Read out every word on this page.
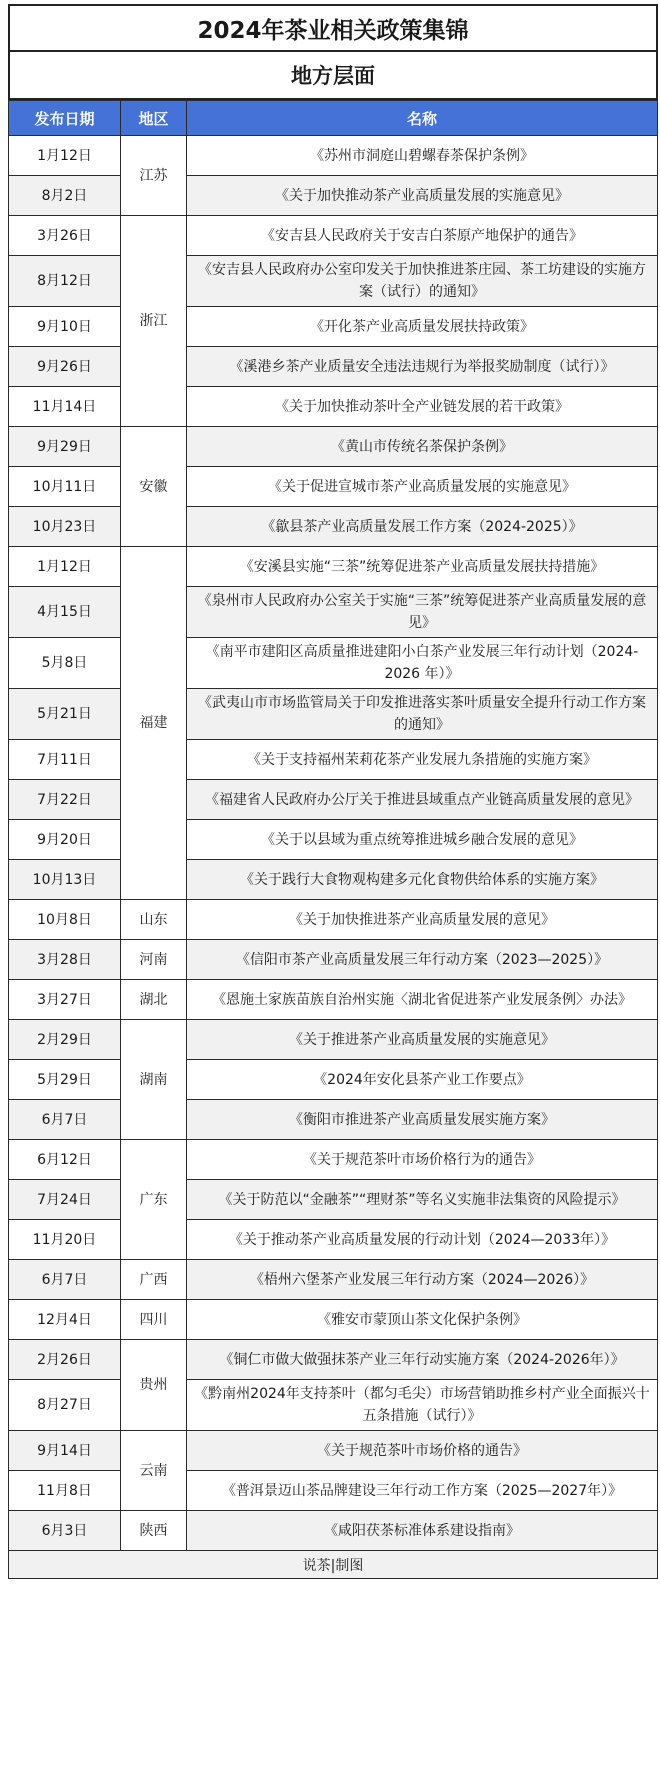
2024年茶业相关政策集锦
地方层面
发布日期	地区	名称
1月12日	江苏	《苏州市洞庭山碧螺春茶保护条例》
8月2日		《关于加快推动茶产业高质量发展的实施意见》
3月26日	浙江	《安吉县人民政府关于安吉白茶原产地保护的通告》
8月12日		《安吉县人民政府办公室印发关于加快推进茶庄园、茶工坊建设的实施方案（试行）的通知》
9月10日		《开化茶产业高质量发展扶持政策》
9月26日		《溪港乡茶产业质量安全违法违规行为举报奖励制度（试行）》
11月14日		《关于加快推动茶叶全产业链发展的若干政策》
9月29日	安徽	《黄山市传统名茶保护条例》
10月11日		《关于促进宣城市茶产业高质量发展的实施意见》
10月23日		《歙县茶产业高质量发展工作方案（2024-2025）》
1月12日	福建	《安溪县实施“三茶”统筹促进茶产业高质量发展扶持措施》
4月15日		《泉州市人民政府办公室关于实施“三茶”统筹促进茶产业高质量发展的意见》
5月8日		《南平市建阳区高质量推进建阳小白茶产业发展三年行动计划（2024-2026 年）》
5月21日		《武夷山市市场监管局关于印发推进落实茶叶质量安全提升行动工作方案的通知》
7月11日		《关于支持福州茉莉花茶产业发展九条措施的实施方案》
7月22日		《福建省人民政府办公厅关于推进县域重点产业链高质量发展的意见》
9月20日		《关于以县域为重点统筹推进城乡融合发展的意见》
10月13日		《关于践行大食物观构建多元化食物供给体系的实施方案》
10月8日	山东	《关于加快推进茶产业高质量发展的意见》
3月28日	河南	《信阳市茶产业高质量发展三年行动方案（2023—2025）》
3月27日	湖北	《恩施土家族苗族自治州实施〈湖北省促进茶产业发展条例〉办法》
2月29日	湖南	《关于推进茶产业高质量发展的实施意见》
5月29日		《2024年安化县茶产业工作要点》
6月7日		《衡阳市推进茶产业高质量发展实施方案》
6月12日	广东	《关于规范茶叶市场价格行为的通告》
7月24日		《关于防范以“金融茶”“理财茶”等名义实施非法集资的风险提示》
11月20日		《关于推动茶产业高质量发展的行动计划（2024—2033年）》
6月7日	广西	《梧州六堡茶产业发展三年行动方案（2024—2026）》
12月4日	四川	《雅安市蒙顶山茶文化保护条例》
2月26日	贵州	《铜仁市做大做强抹茶产业三年行动实施方案（2024-2026年）》
8月27日		《黔南州2024年支持茶叶（都匀毛尖）市场营销助推乡村产业全面振兴十五条措施（试行）》
9月14日	云南	《关于规范茶叶市场价格的通告》
11月8日		《普洱景迈山茶品牌建设三年行动工作方案（2025—2027年）》
6月3日	陕西	《咸阳茯茶标准体系建设指南》
说茶|制图
